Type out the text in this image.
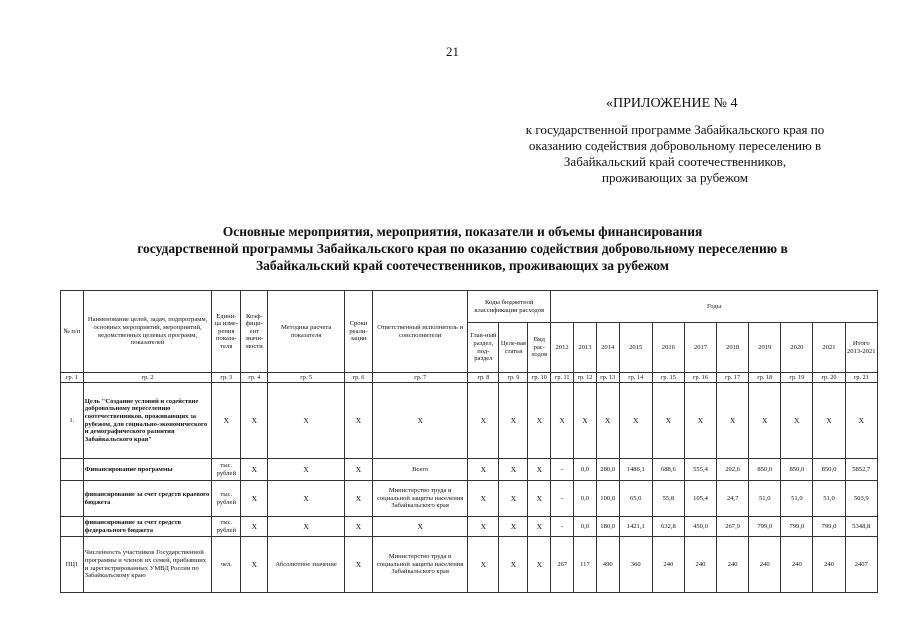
21
«ПРИЛОЖЕНИЕ № 4
к государственной программе Забайкальского края по
оказанию содействия добровольному переселению в
Забайкальский край соотечественников,
проживающих за рубежом
Основные мероприятия, мероприятия, показатели и объемы финансирования
государственной программы Забайкальского края по оказанию содействия добровольному переселению в
Забайкальский край соотечественников, проживающих за рубежом
№ п/п	Наименование целей, задач, подпрограмм, основных мероприятий, мероприятий, ведомственных целевых программ, показателей	Едини-ца изме-рения показа-теля	Коэф-фици-ент значи-мости	Методика расчета показателя	Сроки реали-зации	Ответственный исполнитель и соисполнители	Коды бюджетной классификации расходов			Годы										
							Глав-ный раздел, под-раздел	Целе-вая статья	Вид рас-ходов	2012	2013	2014	2015	2016	2017	2018	2019	2020	2021	Итого 2013-2021
гр. 1	гр. 2	гр. 3	гр. 4	гр. 5	гр. 6	гр. 7	гр. 8	гр. 9	гр. 10	гр. 11	гр. 12	гр. 13	гр. 14	гр. 15	гр. 16	гр. 17	гр. 18	гр. 19	гр. 20	гр. 21
1.	Цель "Создание условий и содействие добровольному переселению соотечественников, проживающих за рубежом, для социально-экономического и демографического развития Забайкальского края"	X	X	X	X	X	X	X	X	X	X	X	X	X	X	X	X	X	X	X
	Финансирование программы	тыс. рублей	X	X	X	Всего	X	X	X	-	0,0	280,0	1486,1	688,6	555,4	292,6	850,0	850,0	850,0	5852,7
	финансирование за счет средств краевого бюджета	тыс. рублей	X	X	X	Министерство труда и социальной защиты населения Забайкальского края	X	X	X	-	0,0	100,0	65,0	55,8	105,4	24,7	51,0	51,0	51,0	503,9
	финансирование за счет средств федерального бюджета	тыс. рублей	X	X	X	X	X	X	X	-	0,0	180,0	1421,1	632,8	450,0	267,9	799,0	799,0	799,0	5348,8
ПЦ1	Численность участников Государственной программы и членов их семей, прибывших и зарегистрированных УМВД России по Забайкальскому краю	чел.	X	Абсолютное значение	X	Министерство труда и социальной защиты населения Забайкальского края	X	X	X	267	117	490	360	240	240	240	240	240	240	2407
